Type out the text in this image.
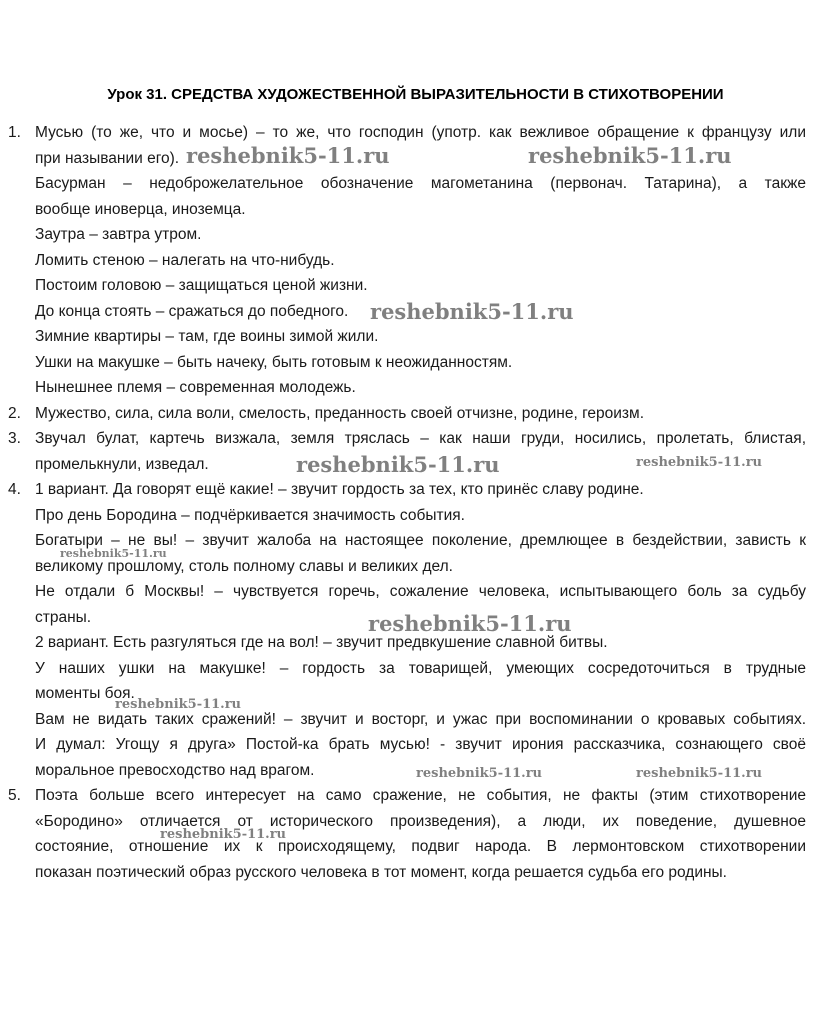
Урок 31. СРЕДСТВА ХУДОЖЕСТВЕННОЙ ВЫРАЗИТЕЛЬНОСТИ В СТИХОТВОРЕНИИ
1. Мусью (то же, что и мосье) – то же, что господин (употр. как вежливое обращение к французу или
при назывании его).
Басурман – недоброжелательное обозначение магометанина (первонач. Татарина), а также
вообще иноверца, иноземца.
Заутра – завтра утром.
Ломить стеною – налегать на что-нибудь.
Постоим головою – защищаться ценой жизни.
До конца стоять – сражаться до победного.
Зимние квартиры – там, где воины зимой жили.
Ушки на макушке – быть начеку, быть готовым к неожиданностям.
Нынешнее племя – современная молодежь.
2. Мужество, сила, сила воли, смелость, преданность своей отчизне, родине, героизм.
3. Звучал булат, картечь визжала, земля тряслась – как наши груди, носились, пролетать, блистая,
промелькнули, изведал.
4. 1 вариант. Да говорят ещё какие! – звучит гордость за тех, кто принёс славу родине.
Про день Бородина – подчёркивается значимость события.
Богатыри – не вы! – звучит жалоба на настоящее поколение, дремлющее в бездействии, зависть к
великому прошлому, столь полному славы и великих дел.
Не отдали б Москвы! – чувствуется горечь, сожаление человека, испытывающего боль за судьбу
страны.
2 вариант. Есть разгуляться где на вол! – звучит предвкушение славной битвы.
У наших ушки на макушке! – гордость за товарищей, умеющих сосредоточиться в трудные
моменты боя.
Вам не видать таких сражений! – звучит и восторг, и ужас при воспоминании о кровавых событиях.
И думал: Угощу я друга» Постой-ка брать мусью! - звучит ирония рассказчика, сознающего своё
моральное превосходство над врагом.
5. Поэта больше всего интересует на само сражение, не события, не факты (этим стихотворение
«Бородино» отличается от исторического произведения), а люди, их поведение, душевное
состояние, отношение их к происходящему, подвиг народа. В лермонтовском стихотворении
показан поэтический образ русского человека в тот момент, когда решается судьба его родины.
reshebnik5-11.ru	reshebnik5-11.ru
reshebnik5-11.ru
reshebnik5-11.ru	reshebnik5-11.ru
reshebnik5-11.ru
reshebnik5-11.ru
reshebnik5-11.ru
reshebnik5-11.ru	reshebnik5-11.ru
reshebnik5-11.ru
